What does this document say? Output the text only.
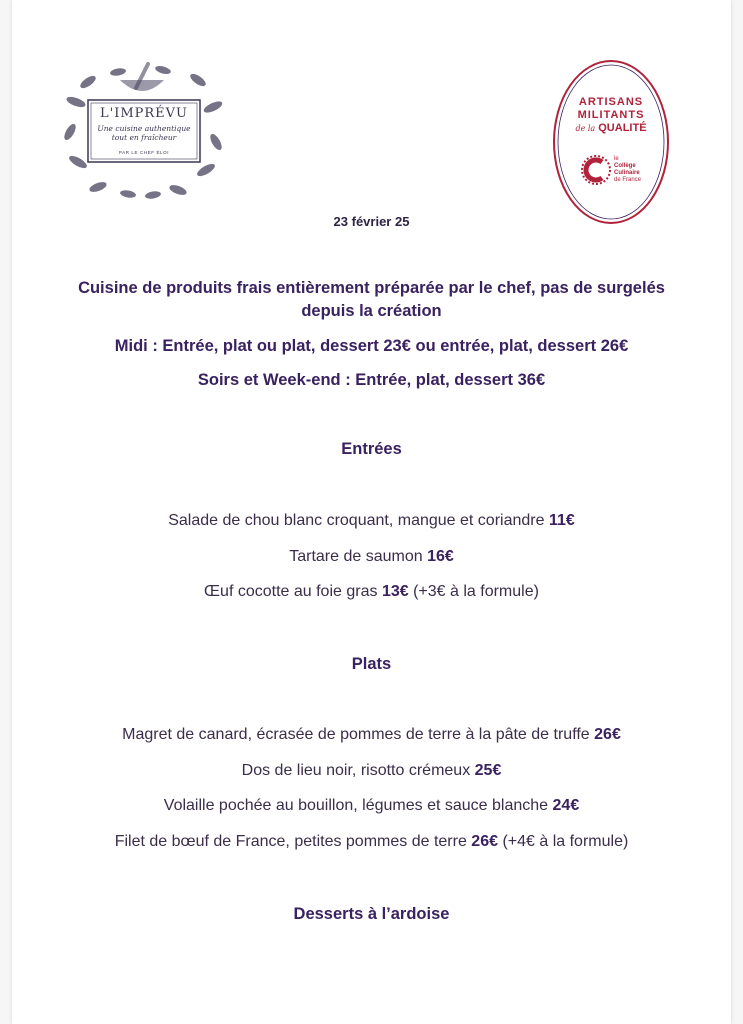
L'IMPRÉVU
Une cuisine authentique tout en fraîcheur
PAR LE CHEF ÉLOI
ARTISANS
MILITANTS
de la QUALITÉ
le
Collège
Culinaire
de France
23 février 25
Cuisine de produits frais entièrement préparée par le chef, pas de surgelés depuis la création
Midi : Entrée, plat ou plat, dessert 23€ ou entrée, plat, dessert 26€
Soirs et Week-end : Entrée, plat, dessert 36€
Entrées
Salade de chou blanc croquant, mangue et coriandre 11€
Tartare de saumon 16€
Œuf cocotte au foie gras 13€ (+3€ à la formule)
Plats
Magret de canard, écrasée de pommes de terre à la pâte de truffe 26€
Dos de lieu noir, risotto crémeux 25€
Volaille pochée au bouillon, légumes et sauce blanche 24€
Filet de bœuf de France, petites pommes de terre 26€ (+4€ à la formule)
Desserts à l’ardoise
